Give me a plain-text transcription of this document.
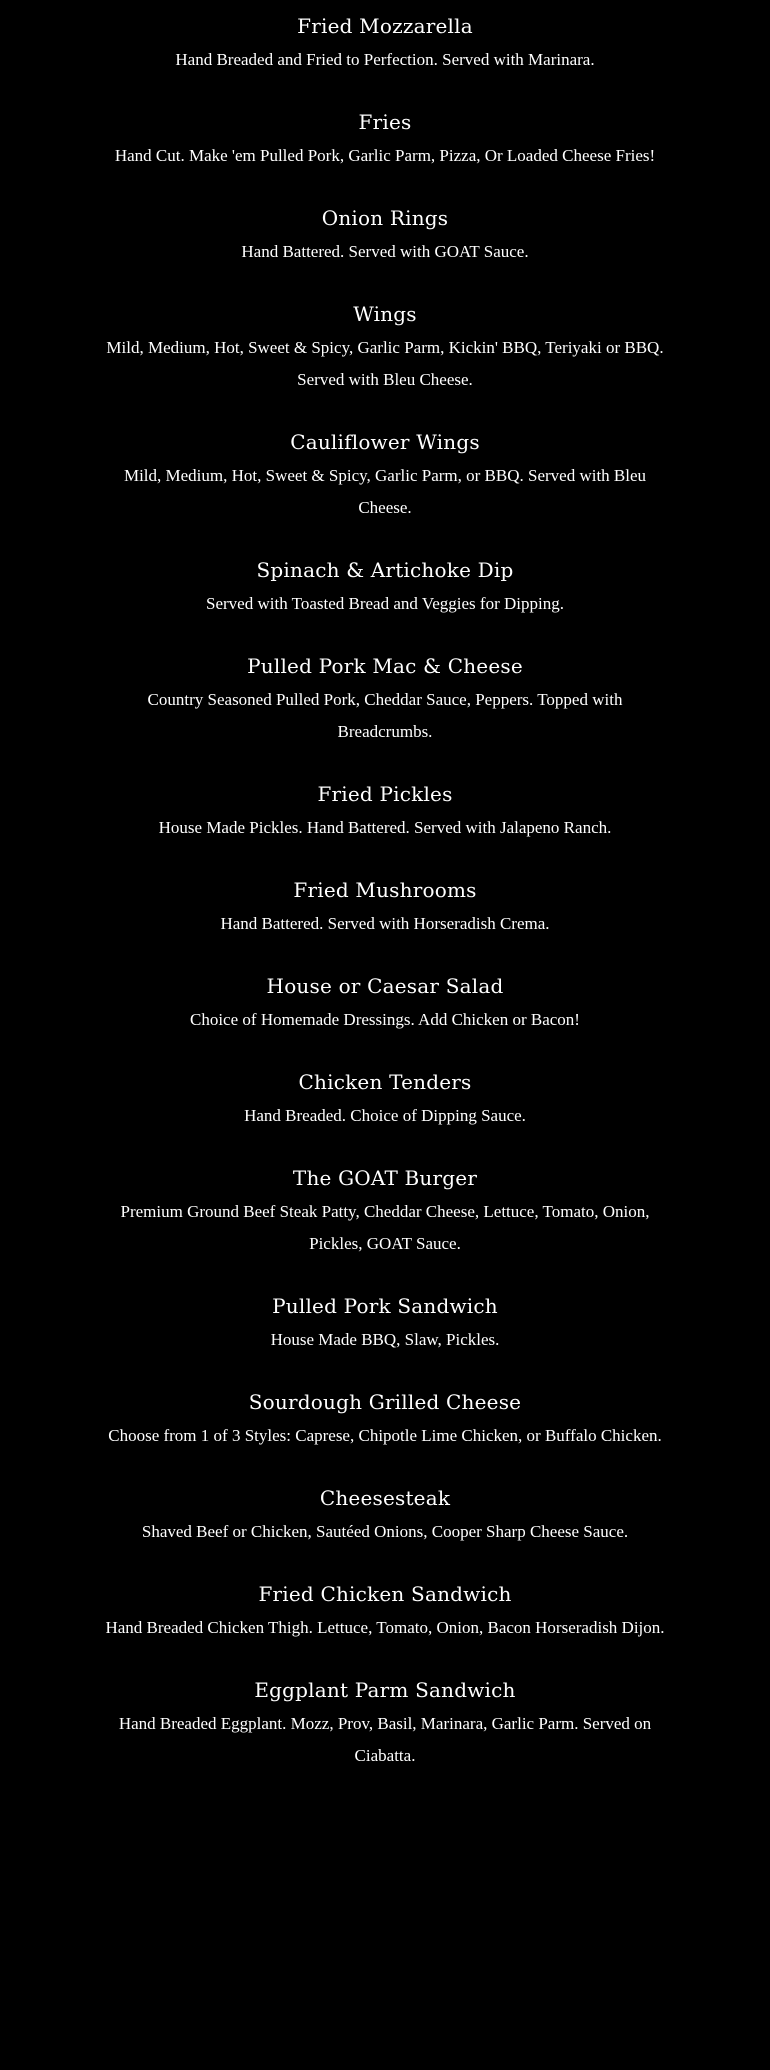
Fried Mozzarella

Hand Breaded and Fried to Perfection. Served with Marinara.

Fries

Hand Cut. Make 'em Pulled Pork, Garlic Parm, Pizza, Or Loaded Cheese Fries!

Onion Rings

Hand Battered. Served with GOAT Sauce.

Wings

Mild, Medium, Hot, Sweet & Spicy, Garlic Parm, Kickin' BBQ, Teriyaki or BBQ. Served with Bleu Cheese.

Cauliflower Wings

Mild, Medium, Hot, Sweet & Spicy, Garlic Parm, or BBQ. Served with Bleu Cheese.

Spinach & Artichoke Dip

Served with Toasted Bread and Veggies for Dipping.

Pulled Pork Mac & Cheese

Country Seasoned Pulled Pork, Cheddar Sauce, Peppers. Topped with Breadcrumbs.

Fried Pickles

House Made Pickles. Hand Battered. Served with Jalapeno Ranch.

Fried Mushrooms

Hand Battered. Served with Horseradish Crema.

House or Caesar Salad

Choice of Homemade Dressings. Add Chicken or Bacon!

Chicken Tenders

Hand Breaded. Choice of Dipping Sauce.

The GOAT Burger

Premium Ground Beef Steak Patty, Cheddar Cheese, Lettuce, Tomato, Onion, Pickles, GOAT Sauce.

Pulled Pork Sandwich

House Made BBQ, Slaw, Pickles.

Sourdough Grilled Cheese

Choose from 1 of 3 Styles: Caprese, Chipotle Lime Chicken, or Buffalo Chicken.

Cheesesteak

Shaved Beef or Chicken, Sautéed Onions, Cooper Sharp Cheese Sauce.

Fried Chicken Sandwich

Hand Breaded Chicken Thigh. Lettuce, Tomato, Onion, Bacon Horseradish Dijon.

Eggplant Parm Sandwich

Hand Breaded Eggplant. Mozz, Prov, Basil, Marinara, Garlic Parm. Served on Ciabatta.
